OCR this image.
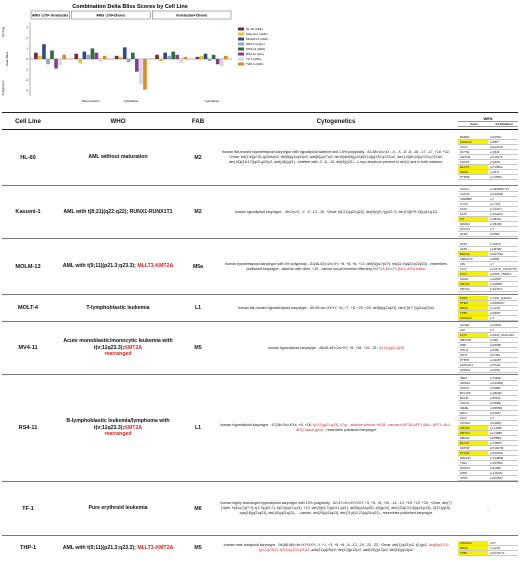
Combination Delta Bliss Scores by Cell Line
AMG -176+ Venetoclax	AMG -176+Chemo	Venetoclax+Chemo
3
2
1
0
-1
-2
-3
Delta Bliss
Synergy
Antagonism
Daunorubicin	Cytarabine	Cytarabine
HL-60 (AML)
Kasumi-1 (AML)
MOLM-13 (AML)
MOLT-4 (ALL)
MV4-11 (AML)
RS4-11 (ALL)
TF-1 (AML)
THP-1 (AML)
Cell Line	WHO	FAB	Cytogenetics	WES
Gene	AA Mutation

HL-60	AML without maturation	M2	human flat-moded hypotetraploid karyotype with hypodiploid sideline and 1.5% polyploidy - 82-88<4n>XX, -X, -X, -8, -8, -16, -17, -17, +18, +22, +2mar, ins(1;8)(p?31;q24hsr)x2, del(5)(q11q31)x2, add(6)(q27)x2, der(9)del(9)(p13)t(9;14)(q?22;q?22)x2, der(14)t(9;14)(q?22;q?22)x2, der(16)t(16;17)(q22;q22)x2, add(18)(q21) - sideline with -2, -5, -15, del(9)(p21) - c-myc amplicon present in der(1) and in both markers.	
BARD1	p.R153H
CDKN2A	p.R80*
CUX1	p.E1224K
DCTN1	p.Q64K
FANCM	p.K1617K
FOXP1	p.Q46R
MLLT4	p.P1380A
NRAS	p.Q61L
PTPRK	p.V1595I

Kasumi-1	AML with t(8;21)(q22;q22); RUNX1-RUNX1T1	M2	human hypodiploid karyotype - 45<2n>X, -Y, -9, -13, -16, +3mar, t(8;21)(q22;q22), der(9)(t(9;?)(p22;?), der(13)t(?9;13)(q11;q11)	
ASXL1	p.G646Wfs*12
CASC5	p.D1063E
CREBBP	p.?
CYLD	p.L775L
FAT4	p.V4447I
FAT4	p.S2412A
KIT	p.N822K
MAML2	p.Q813R
NCOA1	p.?
NF1B	p.P86R

MOLM-13	AML with t(9;11)(p21.3;q23.3); MLLT3-KMT2A	M5a	human hypotetraploid karyotype with 4% polyploidy - 51(48-52)<2n>XY, +8, +8, +8, +13, del(8)(p1?p2?), ins(11;9)(q23;p22p23) - resembles published karyotype - sideline with idem, +19 - carries occult insertion effecting KMT2A-MLLT3 (MLL-AF9) fusion	
AFF3	p.T257A
AFF3	p.H979R
BRCA2	p.D2723G
CBFA2T3	p.P83P
CBL	p.?
FLT3	p.L247S_Y347SYVK
FLT3	p.D596_Y599ins
GNAS	p.A253V
KMT2A	p.A2695T
KMT2C	p.S4741T

MOLT-4	T-lymphoblastic leukemia	L1	human flat-moded hypotetraploid karyotype - 89-95<4n>XXYY, +6, +7, +8, +20, +20, del(6)(q21q23), der(7)t(7;7)(p11q23)x2	
PHF6	p.Y301_Q401ins
PTEN	p.R308Vfs*
NRAS	p.G12D
TP53	p.R306*
CDKN2A	p.?

MV4-11	Acute monoblastic/monocytic leukemia with t(v;11q23.3);KMT2A
rearranged	M5	human hyperdiploid karyotype - 48(46-48)<2n>XY, +8, +18, +19, -21, t(4;11)(q21;q23)	
ACVR1	p.V287E
ALK	p.?
FLT3	p.D600_L601ins10
MECOM	p.N6S
NBN	p.R469K
POLQ	p.P49L
POT1	p.K76M
PTPRT	p.I1146T
WHSC1L1	p.P544L
ZNF521	p.K34Q

RS4-11	B-lymphoblastic leukemia/lymphoma with t(v;11q23.3);KMT2A
rearranged	L1	human hyperdiploid karyotype - 47(48<2n>X/Xx, +8, +18, t(4;11)(q21;q23), i(7q) - sideline without +8/18 - carries KMT2A-AFF1 (MLL-AFF1; MLL-AF4) fusion gene - resembles published karyotype	
ABL2	p.T464P
ARID1A	p.N1399Q
ASXL2	p.I939M
BCL11B	p.Q802R
BCL9L	p.P613L
CDK12	p.P848H
IDE3E	p.R258W
ERC1	p.P203Y
FLT3	p.?
FOXM1	p.K318Q
KMT2A	p.L1166F
KMT2C	p.L1198P
MED12	p.P588Q
MLLT3	p.V356M
NUP98	p.P1307M
PTCH1	p.R1150H
RNF213	p.V3498M
TFE3	p.S5758A
WHSC1	p.E109K
WRN	p.A1129V
XPO1	p.R1254Y

TF-1	Pure erythroid leukemia	M6	human highly rearranged hyperdiploid karyotype with 12% polyploidy - 52-57<2n>XY/XXY, +3, +5, +8, +10, -12, -13, +15, +19, +20, +2mar, der(?)(Yqter-Yp11q?)t(?;?), t(1;?)(q21;?), 6(2;2)(q21;q14), +13, der(3)t(3;?)(q13.1;q21), del(5)(q31q35), i(6)(p10), der(13)t(13;13)(q14;p13), ?i(17)(q10), dup(18)(q21q23), del(18)(q21q22)... - carries, del(20)(q11q13), der(21)t(12;21)(q24;q22) - resembles published karyotype	
-

THP-1	AML with t(9;11)(p21.3;q23.3); MLLT3-KMT2A	M5	human near-tetraploid karyotype - 94(88-96)<4n>XY/XXY, -Y, +1, +3, +6, +6, -8, -13, -19, -22, -22, +2mar, del(1)(p21)x2, i(1q)x2, der(6)t(6;11)(p22;q23)x2, t(9;11)(p22;q23)x2, add(11)(q25)x2, del(12)(p12)x2, add(19)(p13)x2, del(16)(q13)x2	
CDKN2A	p.0?
NRAS	p.G12D
TP53	p.R174fs*3
